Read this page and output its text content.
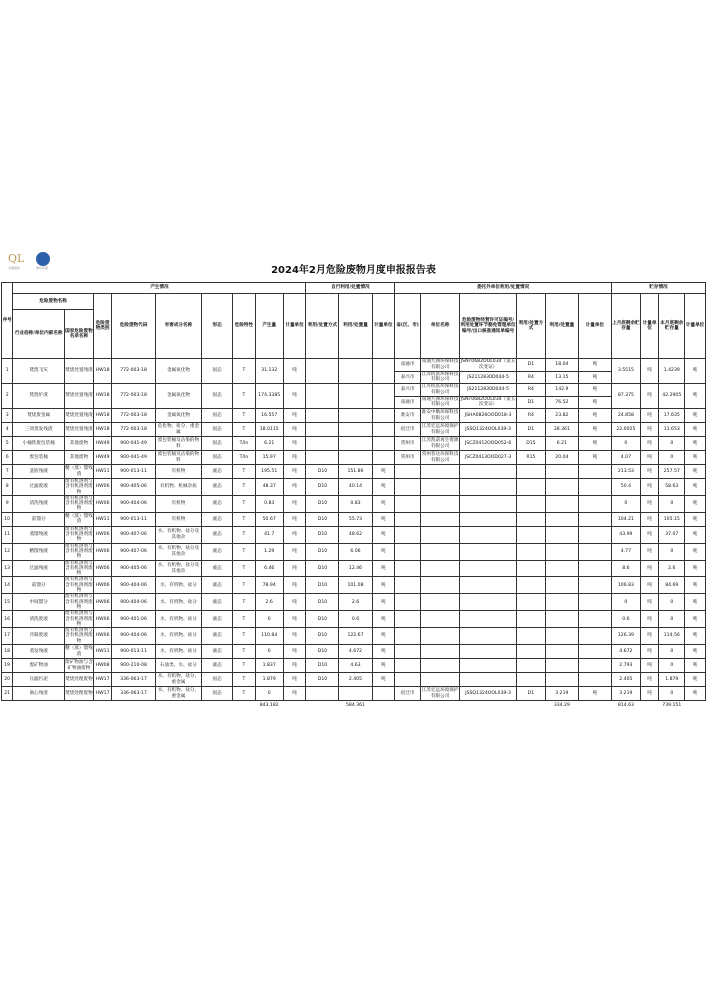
QL
全球领先	绿色环保	2024年2月危险废物月度申报报告表
序号	产生情况									自行利用/处置情况			委托外单位利用/处置情况						贮存情况			
	危险废物名称		危险废物类别	危险废物代码	有害成分名称	形态	危险特性	产生量	计量单位	利用/处置方式	利用/处置量	计量单位	省(区、市)	单位名称	危险废物经营许可证编号/利用处置环节豁免管理单位编号/出口核准通知单编号	利用/处置方式	利用/处置量	计量单位	上月底剩余贮存量	计量单位	本月底剩余贮存量	计量单位
	行业俗称/单位内部名称	国家危险废物名录名称																				
1	焚烧飞灰	焚烧处置残渣	HW18	772-003-18	金属氧化物	固态	T	31.132	吨				南通市	南通九洲环保科技有限公司	JSNT0682OOL034（第五次变证）	D1	18.04	吨	3.5515	吨	1.4239	吨
													泰兴市	江苏杭富环保科技有限公司	JS2112830D044-5	R4	13.15	吨				
2	焚烧炉渣	焚烧处置残渣	HW18	772-003-18	金属氧化物	固态	T	174.3385	吨				泰兴市	江苏杭富环保科技有限公司	JS2112830D044-5	R4	142.9	吨	87.375	吨	42.2905	吨
													南通市	南通九洲环保科技有限公司	JSNT0682OOL034（第五次变证）	D1	76.52	吨				
3	焚烧废金属	焚烧处置残渣	HW18	772-003-18	金属氧化物	固态	T	16.557	吨				淮安市	淮安中顺环保科技有限公司	JSHA0826OOD018-3	R4	23.82	吨	24.858	吨	17.635	吨
4	三效蒸发残渣	焚烧处置残渣	HW18	772-003-18	危化物、盐分、重金属	固态	T	18.0115	吨				宿迁市	江苏宏远环境保护有限公司	JSSQ1324OOL039-3	D1	28.361	吨	22.0025	吨	11.653	吨
5	小桶铁废包装桶	其他废物	HW49	900-041-49	废包装桶及沾染的物料	固态	T/In	6.21	吨				常州市	江苏凯诺再生资源有限公司	JSCZ0412OOD052-6	D15	6.21	吨	0	吨	0	吨
6	废包装桶	其他废物	HW49	900-041-49	废包装桶及沾染的物料	固态	T/In	15.97	吨				常州市	常州普达环保科技有限公司	JSCZ0413OOD027-3	R15	20.04	吨	4.07	吨	0	吨
7	釜底残液	精（蒸）馏残渣	HW11	900-013-11	有机物	液态	T	195.51	吨	D10	151.86	吨							213.53	吨	257.57	吨
8	过滤废液	废有机溶剂与含有机溶剂废物	HW06	900-405-06	有机物、机械杂质	液态	T	48.37	吨	D10	40.14	吨							50.4	吨	58.63	吨
9	清洗残液	废有机溶剂与含有机溶剂废物	HW06	900-404-06	有机物	液态	T	0.83	吨	D10	0.83	吨							0	吨	0	吨
10	前馏分	精（蒸）馏残渣	HW11	900-013-11	有机物	液态	T	50.67	吨	D10	55.73	吨							104.21	吨	105.15	吨
11	蒸馏残液	废有机溶剂与含有机溶剂废物	HW06	900-407-06	水、有机物、盐分及其他杂	液态	T	41.7	吨	D10	48.62	吨							43.99	吨	37.07	吨
12	精馏残液	废有机溶剂与含有机溶剂废物	HW06	900-407-06	水、有机物、盐分及其他杂	液态	T	1.29	吨	D10	6.06	吨							4.77	吨	0	吨
13	过滤残液	废有机溶剂与含有机溶剂废物	HW06	900-405-06	水、有机物、盐分及其他杂	液态	T	6.46	吨	D10	12.46	吨							8.6	吨	2.6	吨
14	前馏分	废有机溶剂与含有机溶剂废物	HW06	900-404-06	水、有机物、盐分	液态	T	78.94	吨	D10	101.08	吨							106.83	吨	84.69	吨
15	中间馏分	废有机溶剂与含有机溶剂废物	HW06	900-404-06	水、有机物、盐分	液态	T	2.6	吨	D10	2.6	吨							0	吨	0	吨
16	清洗废液	废有机溶剂与含有机溶剂废物	HW06	900-401-06	水、有机物、盐分	液态	T	0	吨	D10	0.6	吨							0.6	吨	0	吨
17	冷凝废液	废有机溶剂与含有机溶剂废物	HW06	900-404-06	水、有机物、盐分	液态	T	110.84	吨	D10	122.67	吨							126.39	吨	114.56	吨
18	蒸发残液	精（蒸）馏残渣	HW11	900-013-11	水、有机物、盐分	液态	T	0	吨	D10	4.672	吨							4.672	吨	0	吨
19	废矿物油	废矿物油与含矿物油废物	HW08	900-210-08	石油类、水、盐分	液态	T	1.837	吨	D10	4.63	吨							2.793	吨	0	吨
20	压滤污泥	焚烧处理废物	HW17	336-063-17	水、有机物、盐分、重金属	固态	T	1.879	吨	D10	2.405	吨							2.405	吨	1.879	吨
21	离心残渣	焚烧处理废物	HW17	336-063-17	水、有机物、盐分、重金属	固态	T	0	吨				宿迁市	江苏宏远环境保护有限公司	JSSQ1324OOL039-3	D1	3.219	吨	3.219	吨	0	吨
								843.182			584.361						334.29		814.63		739.151	
